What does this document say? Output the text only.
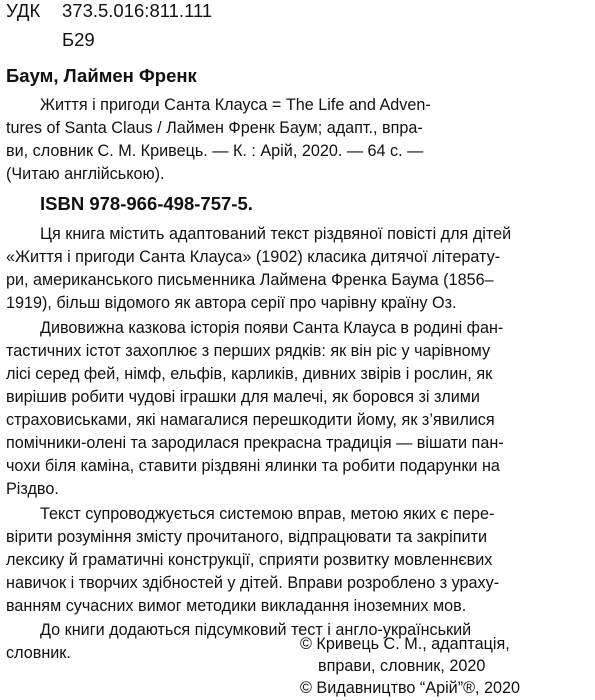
УДК 373.5.016:811.111
Б29
Баум, Лаймен Френк
Життя і пригоди Санта Клауса = The Life and Adven-
tures of Santa Claus / Лаймен Френк Баум; адапт., впра-
ви, словник С. М. Кривець. — К. : Арій, 2020. — 64 с. —
(Читаю англійською).
ISBN 978-966-498-757-5.
Ця книга містить адаптований текст різдвяної повісті для дітей
«Життя і пригоди Санта Клауса» (1902) класика дитячої літерату-
ри, американського письменника Лаймена Френка Баума (1856–
1919), більш відомого як автора серії про чарівну країну Оз.
Дивовижна казкова історія появи Санта Клауса в родині фан-
тастичних істот захоплює з перших рядків: як він ріс у чарівному
лісі серед фей, німф, ельфів, карликів, дивних звірів і рослин, як
вирішив робити чудові іграшки для малечі, як боровся зі злими
страховиськами, які намагалися перешкодити йому, як з’явилися
помічники-олені та зародилася прекрасна традиція — вішати пан-
чохи біля каміна, ставити різдвяні ялинки та робити подарунки на
Різдво.
Текст супроводжується системою вправ, метою яких є пере-
вірити розуміння змісту прочитаного, відпрацювати та закріпити
лексику й граматичні конструкції, сприяти розвитку мовленнєвих
навичок і творчих здібностей у дітей. Вправи розроблено з ураху-
ванням сучасних вимог методики викладання іноземних мов.
До книги додаються підсумковий тест і англо-український
словник.	© Кривець С. М., адаптація,
вправи, словник, 2020
© Видавництво “Арій”®, 2020
